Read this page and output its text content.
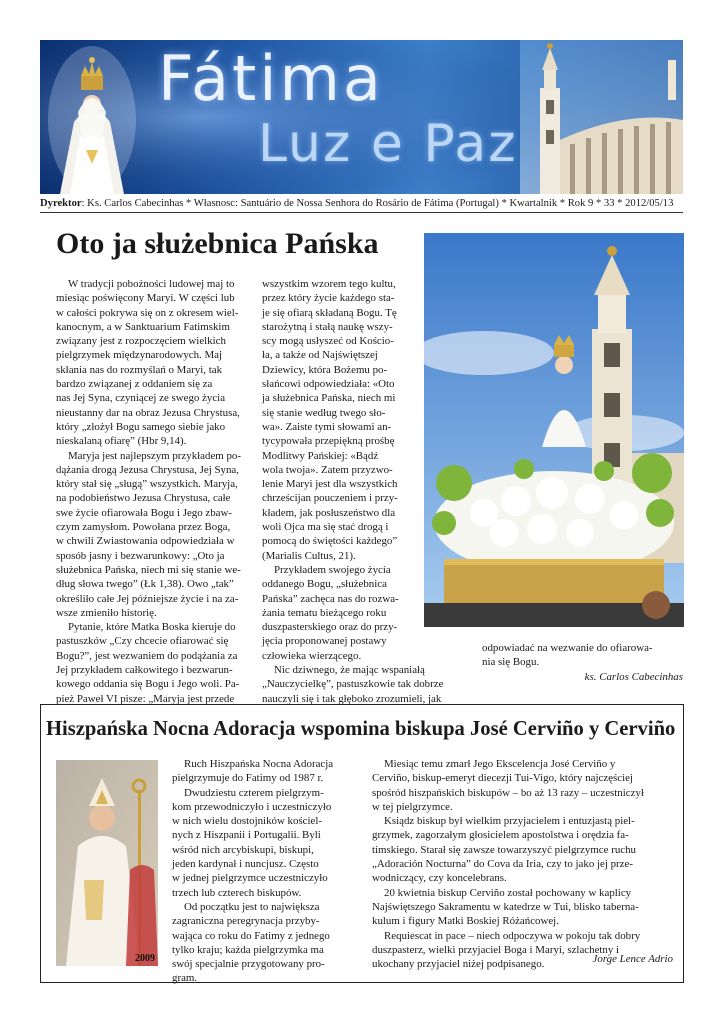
Fátima
Luz e Paz
Dyrektor: Ks. Carlos Cabecinhas * Własnosc: Santuário de Nossa Senhora do Rosário de Fátima (Portugal) * Kwartalnik * Rok 9 * 33 * 2012/05/13
Oto ja służebnica Pańska
W tradycji pobożności ludowej maj to
miesiąc poświęcony Maryi. W części lub
w całości pokrywa się on z okresem wiel-
kanocnym, a w Sanktuarium Fatimskim
związany jest z rozpoczęciem wielkich
pielgrzymek międzynarodowych. Maj
skłania nas do rozmyślań o Maryi, tak
bardzo związanej z oddaniem się za
nas Jej Syna, czyniącej ze swego życia
nieustanny dar na obraz Jezusa Chrystusa,
który „złożył Bogu samego siebie jako
nieskalaną ofiarę” (Hbr 9,14).
Maryja jest najlepszym przykładem po-
dążania drogą Jezusa Chrystusa, Jej Syna,
który stał się „sługą” wszystkich. Maryja,
na podobieństwo Jezusa Chrystusa, całe
swe życie ofiarowała Bogu i Jego zbaw-
czym zamysłom. Powołana przez Boga,
w chwili Zwiastowania odpowiedziała w
sposób jasny i bezwarunkowy: „Oto ja
służebnica Pańska, niech mi się stanie we-
dług słowa twego” (Łk 1,38). Owo „tak”
określiło całe Jej późniejsze życie i na za-
wsze zmieniło historię.
Pytanie, które Matka Boska kieruje do
pastuszków „Czy chcecie ofiarować się
Bogu?”, jest wezwaniem do podążania za
Jej przykładem całkowitego i bezwarun-
kowego oddania się Bogu i Jego woli. Pa-
pież Paweł VI pisze: „Maryja jest przede
wszystkim wzorem tego kultu,
przez który życie każdego sta-
je się ofiarą składaną Bogu. Tę
starożytną i stałą naukę wszy-
scy mogą usłyszeć od Kościo-
ła, a także od Najświętszej
Dziewicy, która Bożemu po-
słańcowi odpowiedziała: «Oto
ja służebnica Pańska, niech mi
się stanie według twego sło-
wa». Zaiste tymi słowami an-
tycypowała przepiękną prośbę
Modlitwy Pańskiej: «Bądź
wola twoja». Zatem przyzwo-
lenie Maryi jest dla wszystkich
chrześcijan pouczeniem i przy-
kładem, jak posłuszeństwo dla
woli Ojca ma się stać drogą i
pomocą do świętości każdego”
(Marialis Cultus, 21).
Przykładem swojego życia
oddanego Bogu, „służebnica
Pańska” zachęca nas do rozwa-
żania tematu bieżącego roku
duszpasterskiego oraz do przy-
jęcia proponowanej postawy
człowieka wierzącego.
Nic dziwnego, że mając wspaniałą
„Nauczycielkę”, pastuszkowie tak dobrze
nauczyli się i tak głęboko zrozumieli, jak
odpowiadać na wezwanie do ofiarowa-
nia się Bogu.

ks. Carlos Cabecinhas

Hiszpańska Nocna Adoracja wspomina biskupa José Cerviño y Cerviño
2009
Ruch Hiszpańska Nocna Adoracja
pielgrzymuje do Fatimy od 1987 r.
Dwudziestu czterem pielgrzym-
kom przewodniczyło i uczestniczyło
w nich wielu dostojników kościel-
nych z Hiszpanii i Portugalii. Byli
wśród nich arcybiskupi, biskupi,
jeden kardynał i nuncjusz. Często
w jednej pielgrzymce uczestniczyło
trzech lub czterech biskupów.
Od początku jest to największa
zagraniczna peregrynacja przyby-
wająca co roku do Fatimy z jednego
tylko kraju; każda pielgrzymka ma
swój specjalnie przygotowany pro-
gram.
Miesiąc temu zmarł Jego Ekscelencja José Cerviño y
Cerviño, biskup-emeryt diecezji Tui-Vigo, który najczęściej
spośród hiszpańskich biskupów – bo aż 13 razy – uczestniczył
w tej pielgrzymce.
Ksiądz biskup był wielkim przyjacielem i entuzjastą piel-
grzymek, zagorzałym głosicielem apostolstwa i orędzia fa-
timskiego. Starał się zawsze towarzyszyć pielgrzymce ruchu
„Adoración Nocturna” do Cova da Iria, czy to jako jej prze-
wodniczący, czy koncelebrans.
20 kwietnia biskup Cerviño został pochowany w kaplicy
Najświętszego Sakramentu w katedrze w Tui, blisko taberna-
kulum i figury Matki Boskiej Różańcowej.
Requiescat in pace – niech odpoczywa w pokoju tak dobry
duszpasterz, wielki przyjaciel Boga i Maryi, szlachetny i
ukochany przyjaciel niżej podpisanego.	Jorge Lence Adrio
